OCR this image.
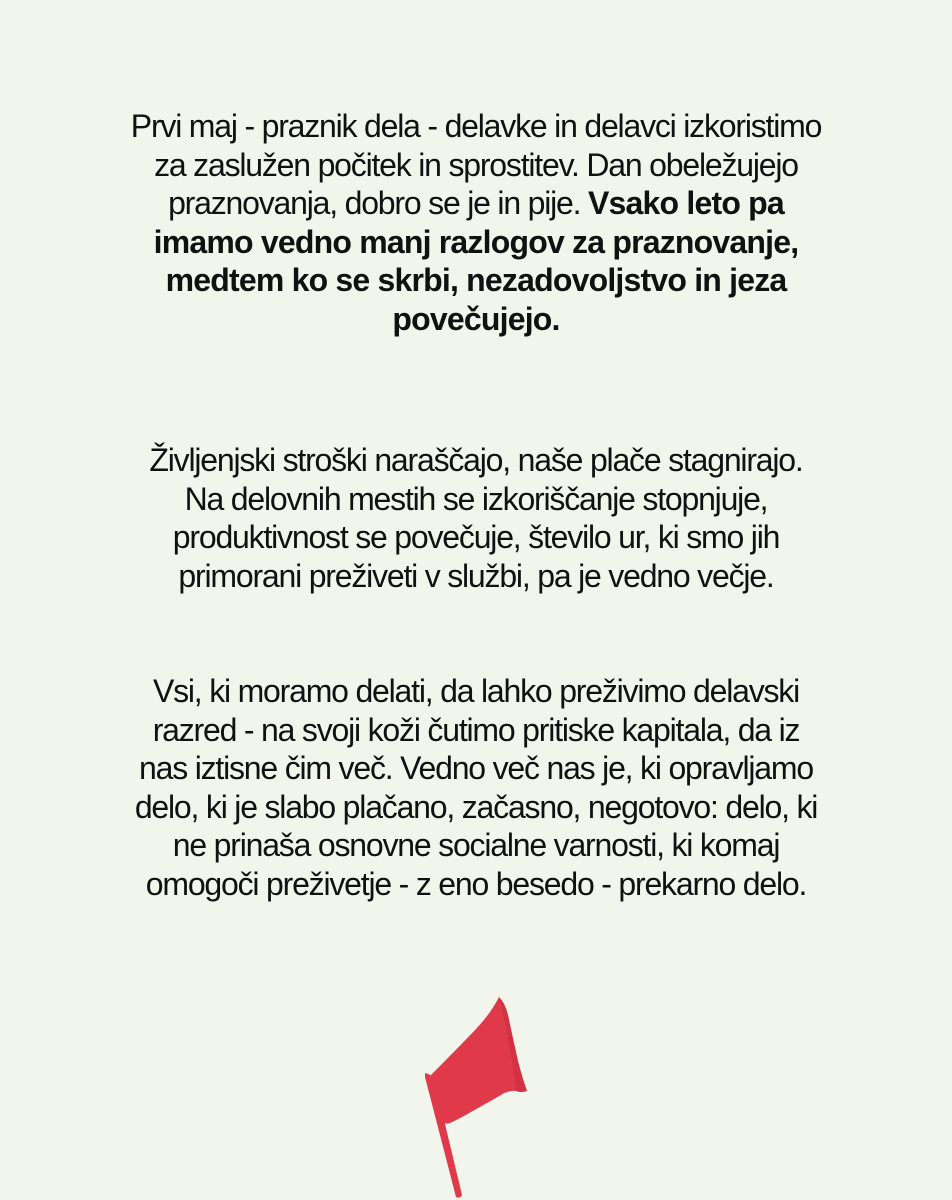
Prvi maj - praznik dela - delavke in delavci izkoristimo
za zaslužen počitek in sprostitev. Dan obeležujejo
praznovanja, dobro se je in pije. Vsako leto pa
imamo vedno manj razlogov za praznovanje,
medtem ko se skrbi, nezadovoljstvo in jeza
povečujejo.
Življenjski stroški naraščajo, naše plače stagnirajo.
Na delovnih mestih se izkoriščanje stopnjuje,
produktivnost se povečuje, število ur, ki smo jih
primorani preživeti v službi, pa je vedno večje.
Vsi, ki moramo delati, da lahko preživimo delavski
razred - na svoji koži čutimo pritiske kapitala, da iz
nas iztisne čim več. Vedno več nas je, ki opravljamo
delo, ki je slabo plačano, začasno, negotovo: delo, ki
ne prinaša osnovne socialne varnosti, ki komaj
omogoči preživetje - z eno besedo - prekarno delo.
